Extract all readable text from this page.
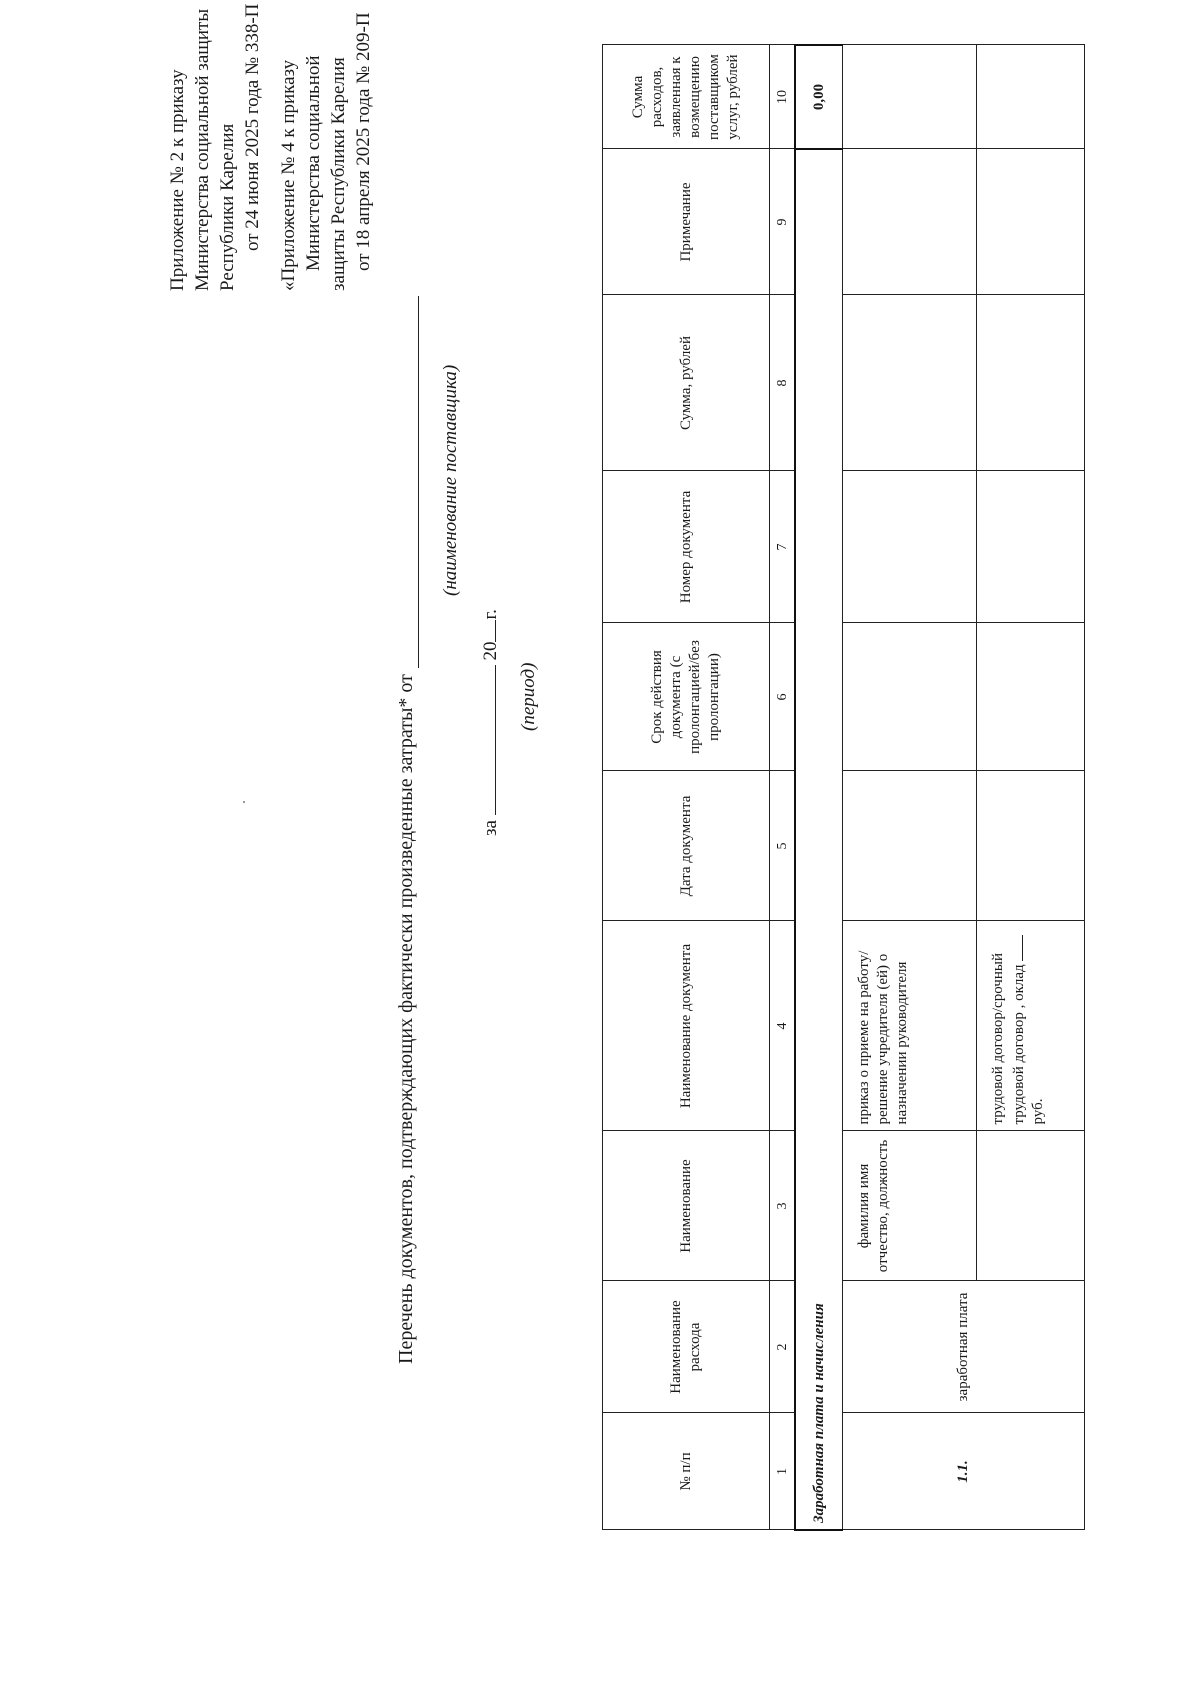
Приложение № 2 к приказу Министерства социальной защиты Республики Карелия от 24 июня 2025 года № 338-П «Приложение № 4 к приказу Министерства социальной защиты Республики Карелия от 18 апреля 2025 года № 209-П
Перечень документов, подтверждающих фактически произведенные затраты* от
(наименование поставщика)
за  20г.
(период)
№ п/п	Наименование расхода	Наименование	Наименование документа	Дата документа	Срок действия документа (с пролонгацией/без пролонгации)	Номер документа	Сумма, рублей	Примечание	Сумма расходов, заявленная к возмещению поставщиком услуг, рублей
1	2	3	4	5	6	7	8	9	10
Заработная плата и начисления									0,00
1.1.	заработная плата	фамилия имя отчество, должность	приказ о приеме на работу/ решение учредителя (ей) о назначении руководителя						
			трудовой договор/срочный трудовой договор , оклад руб.						
